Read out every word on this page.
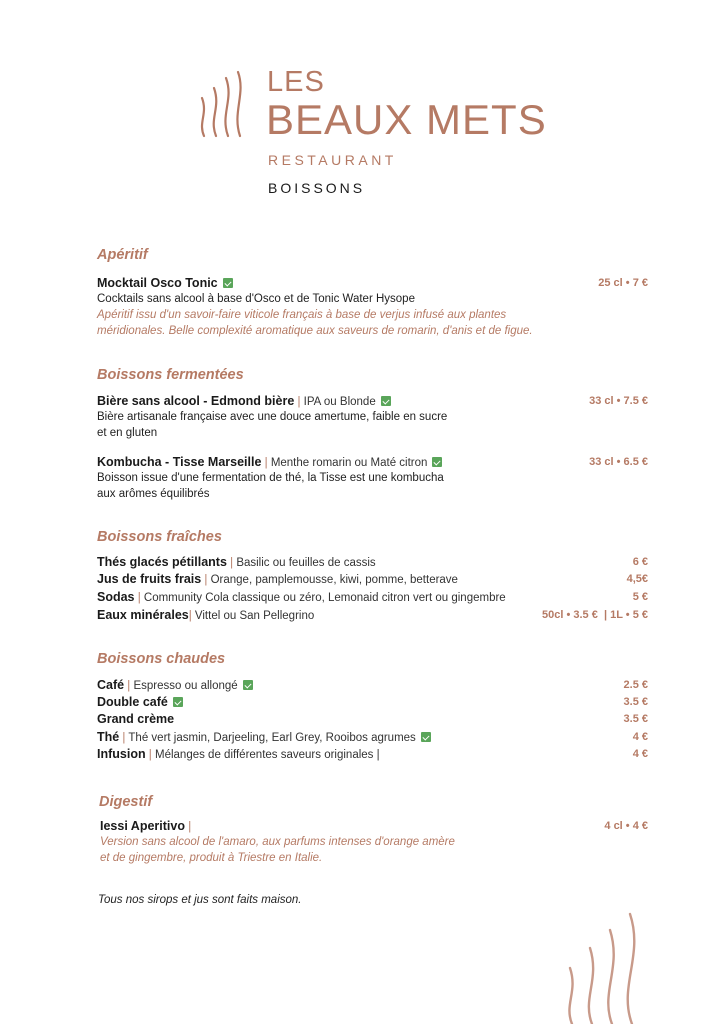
LES
BEAUX METS
RESTAURANT
BOISSONS
Apéritif
Mocktail Osco Tonic	25 cl • 7 €
Cocktails sans alcool à base d'Osco et de Tonic Water Hysope
Apéritif issu d'un savoir-faire viticole français à base de verjus infusé aux plantes
méridionales. Belle complexité aromatique aux saveurs de romarin, d'anis et de figue.
Boissons fermentées
Bière sans alcool - Edmond bière | IPA ou Blonde	33 cl • 7.5 €
Bière artisanale française avec une douce amertume, faible en sucre
et en gluten
Kombucha - Tisse Marseille | Menthe romarin ou Maté citron	33 cl • 6.5 €
Boisson issue d'une fermentation de thé, la Tisse est une kombucha
aux arômes équilibrés
Boissons fraîches
Thés glacés pétillants | Basilic ou feuilles de cassis	6 €
Jus de fruits frais | Orange, pamplemousse, kiwi, pomme, betterave	4,5€
Sodas | Community Cola classique ou zéro, Lemonaid citron vert ou gingembre	5 €
Eaux minérales| Vittel ou San Pellegrino	50cl • 3.5 €  | 1L • 5 €
Boissons chaudes
Café | Espresso ou allongé	2.5 €
Double café	3.5 €
Grand crème	3.5 €
Thé | Thé vert jasmin, Darjeeling, Earl Grey, Rooibos agrumes	4 €
Infusion | Mélanges de différentes saveurs originales |	4 €
Digestif
Iessi Aperitivo |	4 cl • 4 €
Version sans alcool de l'amaro, aux parfums intenses d'orange amère
et de gingembre, produit à Triestre en Italie.
Tous nos sirops et jus sont faits maison.
